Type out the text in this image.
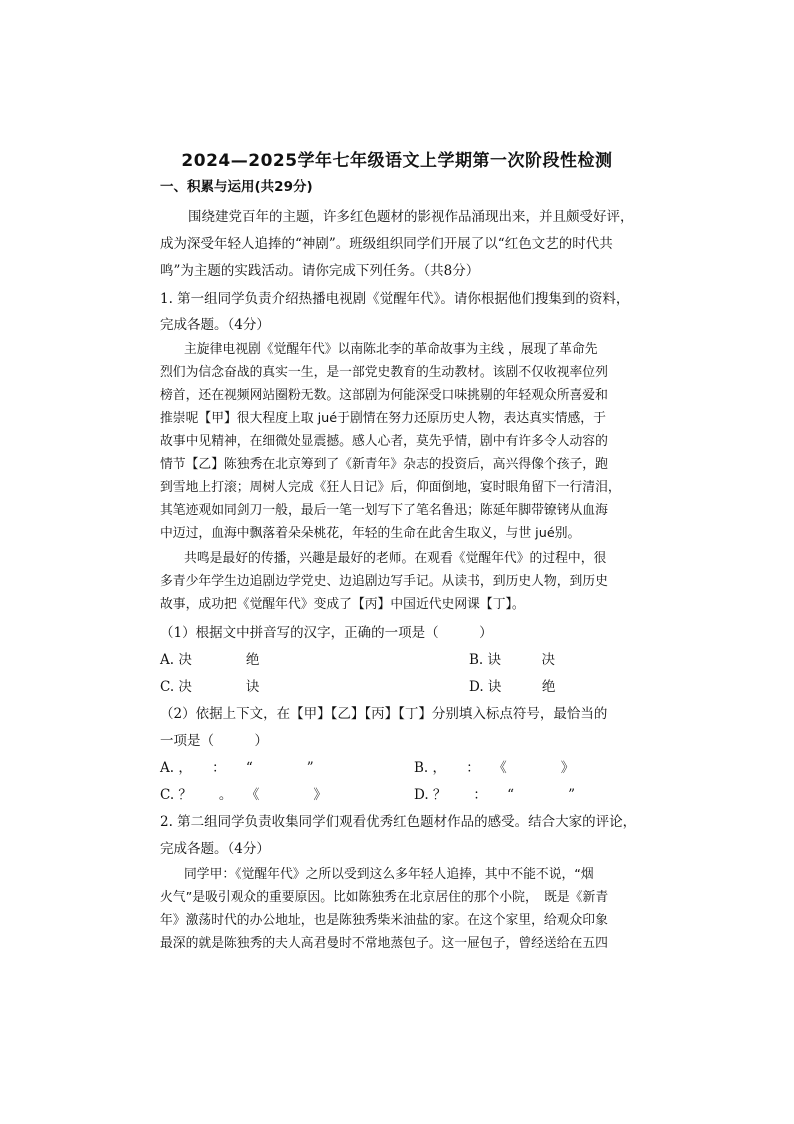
2024—2025学年七年级语文上学期第一次阶段性检测

一、积累与运用(共29分)

围绕建党百年的主题，许多红色题材的影视作品涌现出来，并且颇受好评，

成为深受年轻人追捧的“神剧”。班级组织同学们开展了以“红色文艺的时代共

鸣”为主题的实践活动。请你完成下列任务。（共8分）

1. 第一组同学负责介绍热播电视剧《觉醒年代》。请你根据他们搜集到的资料，

完成各题。（4分）

主旋律电视剧《觉醒年代》以南陈北李的革命故事为主线 ，展现了革命先

烈们为信念奋战的真实一生，是一部党史教育的生动教材。该剧不仅收视率位列

榜首，还在视频网站圈粉无数。这部剧为何能深受口味挑剔的年轻观众所喜爱和

推崇呢【甲】很大程度上取 jué于剧情在努力还原历史人物，表达真实情感，于

故事中见精神，在细微处显震撼。感人心者，莫先乎情，剧中有许多令人动容的

情节【乙】陈独秀在北京筹到了《新青年》杂志的投资后，高兴得像个孩子，跑

到雪地上打滚；周树人完成《狂人日记》后，仰面倒地，宴时眼角留下一行清泪，

其笔迹观如同剑刀一般，最后一笔一划写下了笔名鲁迅；陈延年脚带镣铐从血海

中迈过，血海中飘落着朵朵桃花，年轻的生命在此舍生取义，与世 jué别。

共鸣是最好的传播，兴趣是最好的老师。在观看《觉醒年代》的过程中，很

多青少年学生边追剧边学党史、边追剧边写手记。从读书，到历史人物，到历史

故事，成功把《觉醒年代》变成了【丙】中国近代史网课【丁】。

（1）根据文中拼音写的汉字，正确的一项是（　　　）

A. 决　　　　绝	B. 诀　　　决
C. 决　　　　诀	D. 诀　　　绝

（2）依据上下文，在【甲】【乙】【丙】【丁】分别填入标点符号，最恰当的

一项是（　　　）

A. ，　　：　　“　　　　”	B. ，　　：　　《　　　　》
C. ？　　。　　《　　　　》	D. ？　　：　　“　　　　”

2. 第二组同学负责收集同学们观看优秀红色题材作品的感受。结合大家的评论，

完成各题。（4分）

同学甲：《觉醒年代》之所以受到这么多年轻人追捧，其中不能不说，“烟

火气”是吸引观众的重要原因。比如陈独秀在北京居住的那个小院，　既是《新青

年》激荡时代的办公地址，也是陈独秀柴米油盐的家。在这个家里，给观众印象

最深的就是陈独秀的夫人高君曼时不常地蒸包子。这一屉包子，曾经送给在五四
